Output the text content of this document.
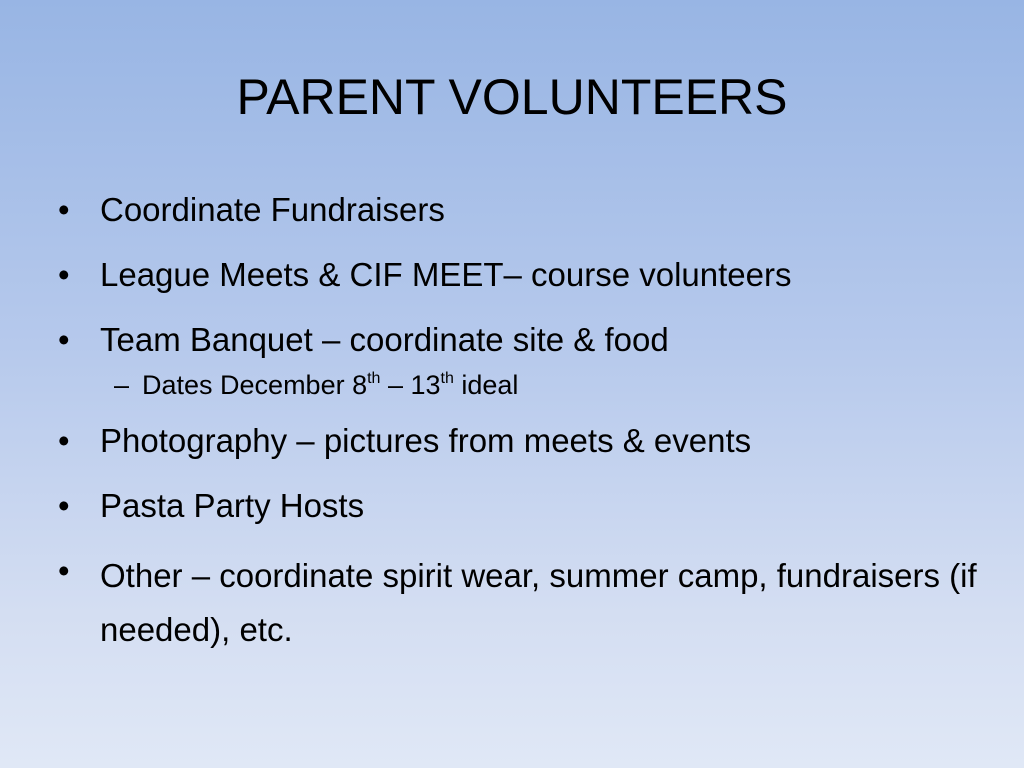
PARENT VOLUNTEERS
• Coordinate Fundraisers
• League Meets & CIF MEET– course volunteers
• Team Banquet – coordinate site & food
– Dates December 8th – 13th ideal
• Photography – pictures from meets & events
• Pasta Party Hosts
• Other – coordinate spirit wear, summer camp, fundraisers (if needed), etc.
